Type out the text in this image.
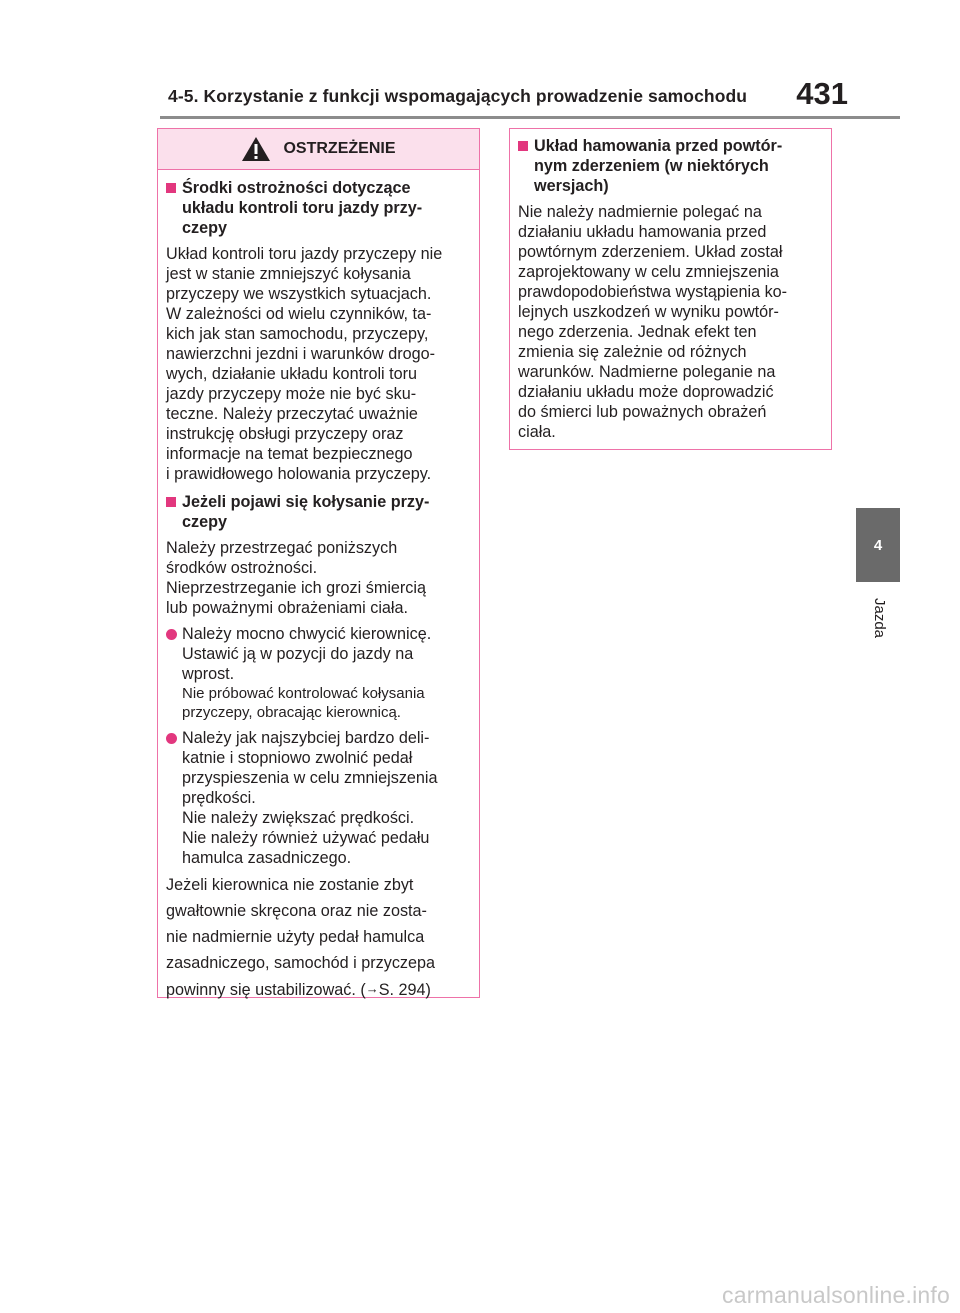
4-5. Korzystanie z funkcji wspomagających prowadzenie samochodu 431
4
Jazda
OSTRZEŻENIE
Środki ostrożności dotyczące
układu kontroli toru jazdy przy-
czepy
Układ kontroli toru jazdy przyczepy nie
jest w stanie zmniejszyć kołysania
przyczepy we wszystkich sytuacjach.
W zależności od wielu czynników, ta-
kich jak stan samochodu, przyczepy,
nawierzchni jezdni i warunków drogo-
wych, działanie układu kontroli toru
jazdy przyczepy może nie być sku-
teczne. Należy przeczytać uważnie
instrukcję obsługi przyczepy oraz
informacje na temat bezpiecznego
i prawidłowego holowania przyczepy.
Jeżeli pojawi się kołysanie przy-
czepy
Należy przestrzegać poniższych
środków ostrożności.
Nieprzestrzeganie ich grozi śmiercią
lub poważnymi obrażeniami ciała.
Należy mocno chwycić kierownicę.
Ustawić ją w pozycji do jazdy na
wprost.
Nie próbować kontrolować kołysania
przyczepy, obracając kierownicą.
Należy jak najszybciej bardzo deli-
katnie i stopniowo zwolnić pedał
przyspieszenia w celu zmniejszenia
prędkości.
Nie należy zwiększać prędkości.
Nie należy również używać pedału
hamulca zasadniczego.
Jeżeli kierownica nie zostanie zbyt
gwałtownie skręcona oraz nie zosta-
nie nadmiernie użyty pedał hamulca
zasadniczego, samochód i przyczepa
powinny się ustabilizować. (→S. 294)
Układ hamowania przed powtór-
nym zderzeniem (w niektórych
wersjach)
Nie należy nadmiernie polegać na
działaniu układu hamowania przed
powtórnym zderzeniem. Układ został
zaprojektowany w celu zmniejszenia
prawdopodobieństwa wystąpienia ko-
lejnych uszkodzeń w wyniku powtór-
nego zderzenia. Jednak efekt ten
zmienia się zależnie od różnych
warunków. Nadmierne poleganie na
działaniu układu może doprowadzić
do śmierci lub poważnych obrażeń
ciała.
carmanualsonline.info
